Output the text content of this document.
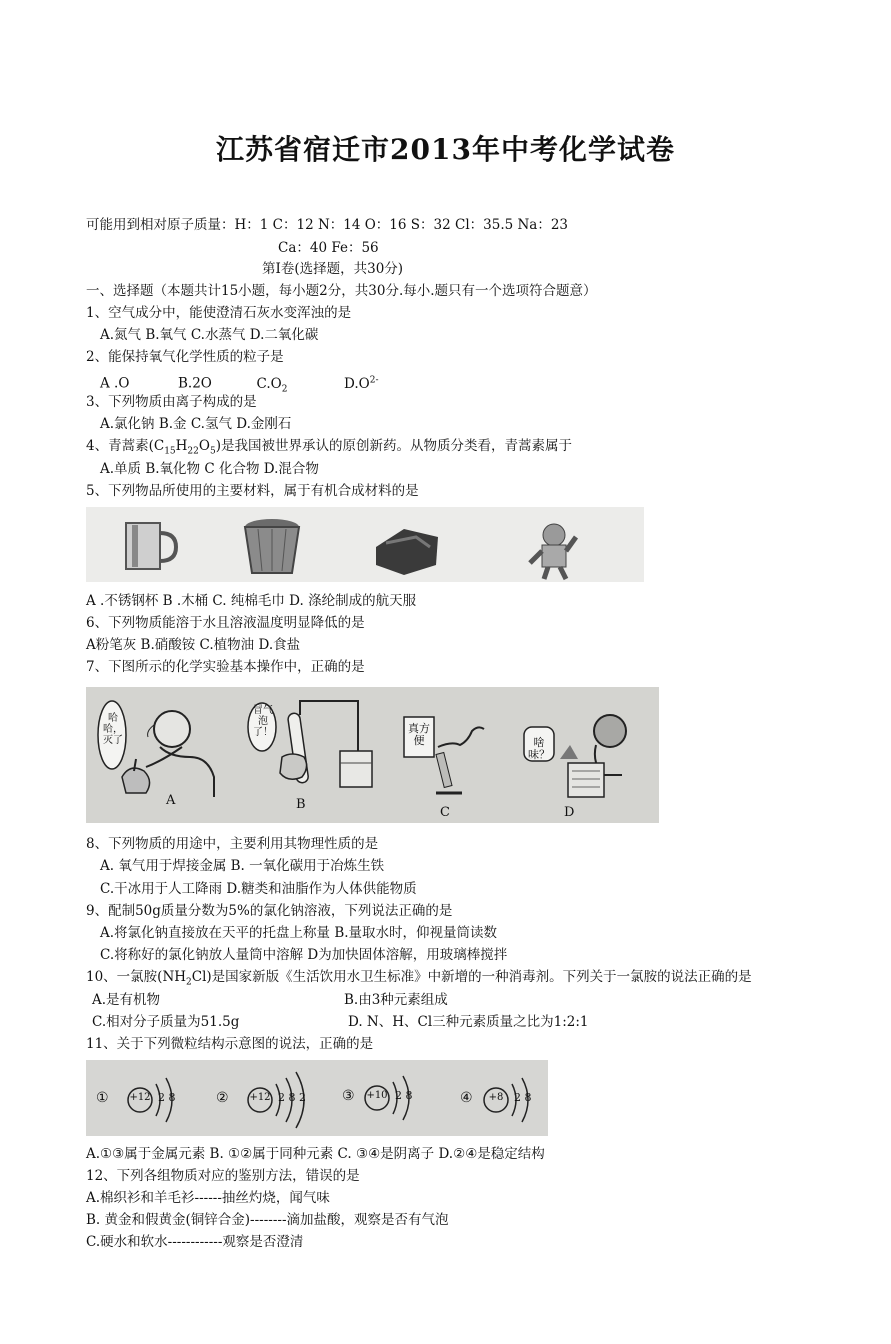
江苏省宿迁市2013年中考化学试卷
可能用到相对原子质量：H：1 C：12 N：14 O：16 S：32 Cl：35.5 Na：23
Ca：40 Fe：56
第Ⅰ卷(选择题，共30分)
一、选择题（本题共计15小题，每小题2分，共30分.每小.题只有一个选项符合题意）
1、空气成分中，能使澄清石灰水变浑浊的是
A.氮气 B.氧气 C.水蒸气 D.二氧化碳
2、能保持氧气化学性质的粒子是
A .O	B.2O	$C.O_2$	$D.O^{2-}$
3、下列物质由离子构成的是
A.氯化钠 B.金 C.氢气 D.金刚石
4、青蒿素$(C_{15}H_{22}O_5)$是我国被世界承认的原创新药。从物质分类看，青蒿素属于
A.单质 B.氧化物 C 化合物 D.混合物
5、下列物品所使用的主要材料，属于有机合成材料的是
A .不锈钢杯 B .木桶 C. 纯棉毛巾 D. 涤纶制成的航天服
6、下列物质能溶于水且溶液温度明显降低的是
A粉笔灰 B.硝酸铵 C.植物油 D.食盐
7、下图所示的化学实验基本操作中，正确的是
哈哈，灭了
冒气泡了！	真方便	啥味？
A	B
C	D
8、下列物质的用途中，主要利用其物理性质的是
A. 氧气用于焊接金属 B. 一氧化碳用于冶炼生铁
C.干冰用于人工降雨 D.糖类和油脂作为人体供能物质
9、配制50g质量分数为5%的氯化钠溶液，下列说法正确的是
A.将氯化钠直接放在天平的托盘上称量 B.量取水时，仰视量筒读数
C.将称好的氯化钠放人量筒中溶解 D为加快固体溶解，用玻璃棒搅拌
10、一氯胺$(NH_2Cl)$是国家新版《生活饮用水卫生标准》中新增的一种消毒剂。下列关于一氯胺的说法正确的是
A.是有机物	B.由3种元素组成
C.相对分子质量为51.5g	D. N、H、Cl三种元素质量之比为1:2:1
11、关于下列微粒结构示意图的说法，正确的是
① +12 2 8	② +12 2 8 2	③ +10 2 8	④	+8 2 8
A.①③属于金属元素 B. ①②属于同种元素 C. ③④是阴离子 D.②④是稳定结构
12、下列各组物质对应的鉴别方法，错误的是
A.棉织衫和羊毛衫------抽丝灼烧，闻气味
B. 黄金和假黄金(铜锌合金)--------滴加盐酸，观察是否有气泡
C.硬水和软水------------观察是否澄清
